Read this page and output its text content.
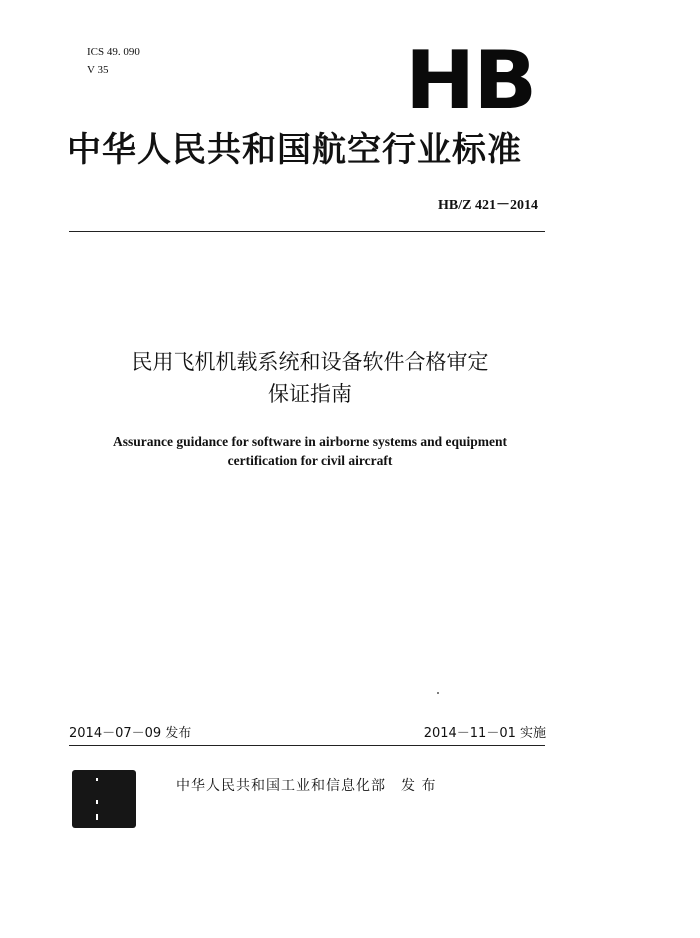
ICS 49. 090
V 35	HB
中华人民共和国航空行业标准
HB/Z 421－2014
民用飞机机载系统和设备软件合格审定
保证指南
Assurance guidance for software in airborne systems and equipment
certification for civil aircraft
2014－07－09 发布	2014－11－01 实施
中华人民共和国工业和信息化部　发 布
